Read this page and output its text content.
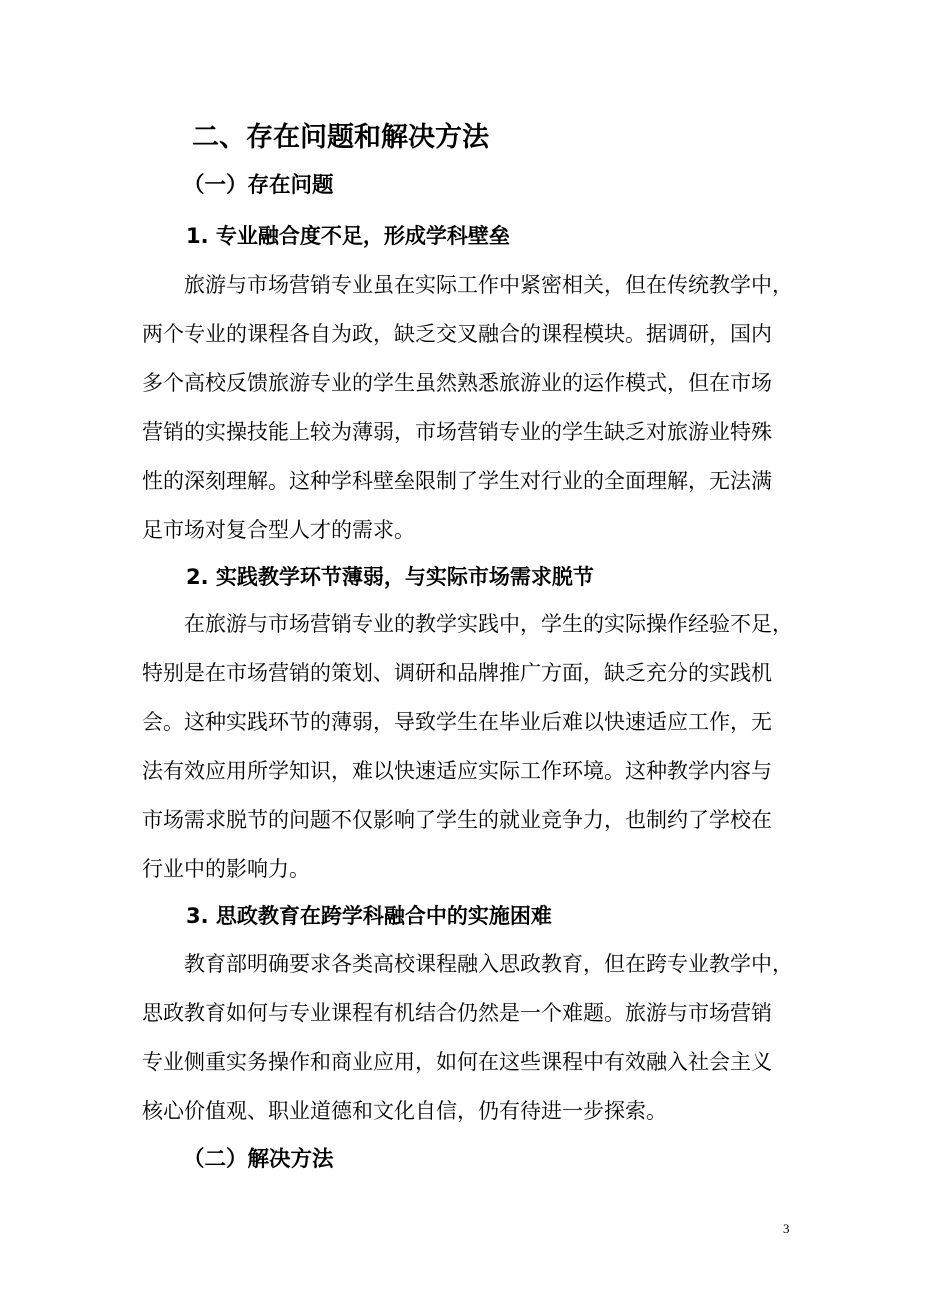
二、存在问题和解决方法
（一）存在问题
1. 专业融合度不足，形成学科壁垒
旅游与市场营销专业虽在实际工作中紧密相关，但在传统教学中，
两个专业的课程各自为政，缺乏交叉融合的课程模块。据调研，国内
多个高校反馈旅游专业的学生虽然熟悉旅游业的运作模式，但在市场
营销的实操技能上较为薄弱，市场营销专业的学生缺乏对旅游业特殊
性的深刻理解。这种学科壁垒限制了学生对行业的全面理解，无法满
足市场对复合型人才的需求。
2. 实践教学环节薄弱，与实际市场需求脱节
在旅游与市场营销专业的教学实践中，学生的实际操作经验不足，
特别是在市场营销的策划、调研和品牌推广方面，缺乏充分的实践机
会。这种实践环节的薄弱，导致学生在毕业后难以快速适应工作，无
法有效应用所学知识，难以快速适应实际工作环境。这种教学内容与
市场需求脱节的问题不仅影响了学生的就业竞争力，也制约了学校在
行业中的影响力。
3. 思政教育在跨学科融合中的实施困难
教育部明确要求各类高校课程融入思政教育，但在跨专业教学中，
思政教育如何与专业课程有机结合仍然是一个难题。旅游与市场营销
专业侧重实务操作和商业应用，如何在这些课程中有效融入社会主义
核心价值观、职业道德和文化自信，仍有待进一步探索。
（二）解决方法
3
